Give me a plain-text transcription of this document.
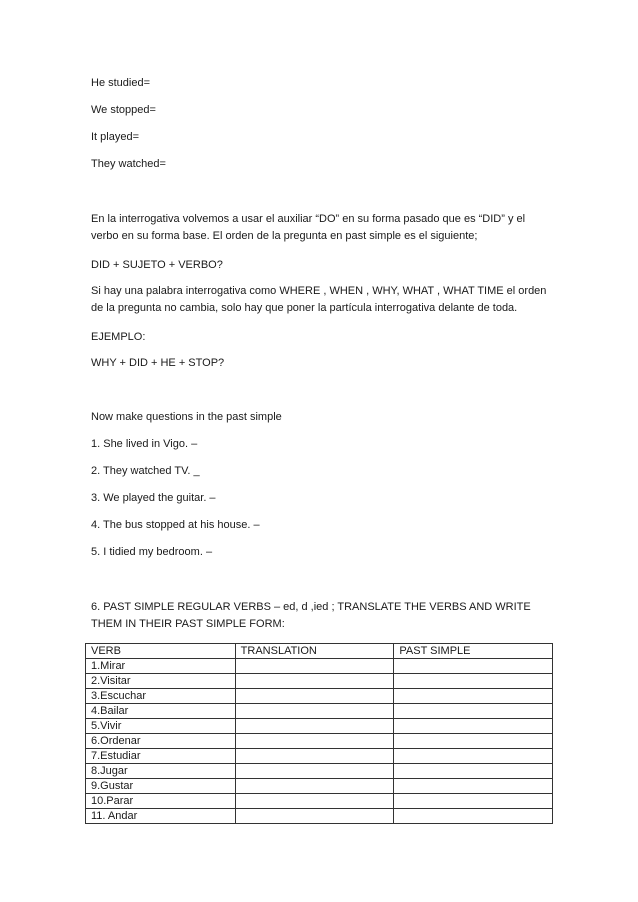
He studied=
We stopped=
It played=
They watched=
En la interrogativa volvemos a usar el auxiliar “DO” en su forma pasado que es “DID” y el verbo en su forma base. El orden de la pregunta en past simple es el siguiente;
DID + SUJETO + VERBO?
Si hay una palabra interrogativa como WHERE , WHEN , WHY, WHAT , WHAT TIME el orden de la pregunta no cambia, solo hay que poner la partícula interrogativa delante de toda.
EJEMPLO:
WHY + DID + HE + STOP?
Now make questions in the past simple
1. She lived in Vigo. –
2. They watched TV. _
3. We played the guitar. –
4. The bus stopped at his house. –
5. I tidied my bedroom. –
6. PAST SIMPLE REGULAR VERBS – ed, d ,ied ; TRANSLATE THE VERBS AND WRITE THEM IN THEIR PAST SIMPLE FORM:
VERB	TRANSLATION	PAST SIMPLE
1.Mirar		
2.Visitar		
3.Escuchar		
4.Bailar		
5.Vivir		
6.Ordenar		
7.Estudiar		
8.Jugar		
9.Gustar		
10.Parar		
11. Andar		
